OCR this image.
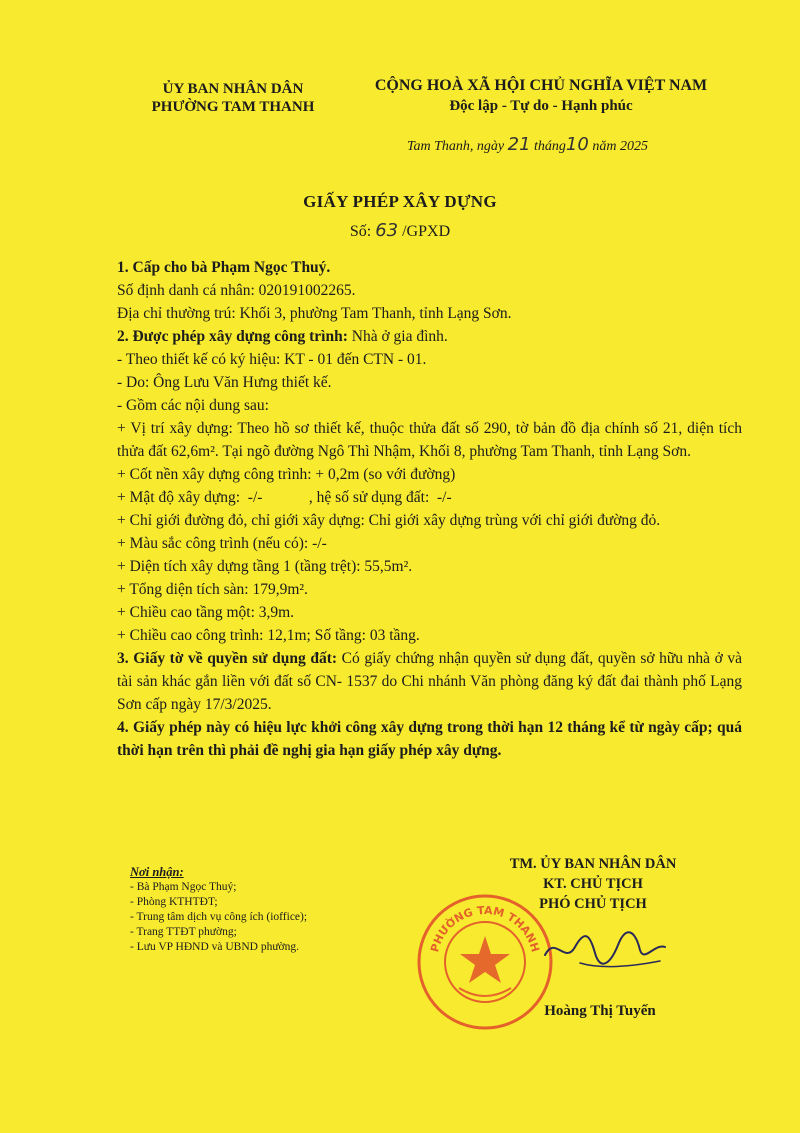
ỦY BAN NHÂN DÂN
PHƯỜNG TAM THANH
CỘNG HOÀ XÃ HỘI CHỦ NGHĨA VIỆT NAM
Độc lập - Tự do - Hạnh phúc
Tam Thanh, ngày 21 tháng10 năm 2025
GIẤY PHÉP XÂY DỰNG
Số: 63 /GPXD

1. Cấp cho bà Phạm Ngọc Thuý.

Số định danh cá nhân: 020191002265.

Địa chỉ thường trú: Khối 3, phường Tam Thanh, tỉnh Lạng Sơn.

2. Được phép xây dựng công trình: Nhà ở gia đình.

- Theo thiết kế có ký hiệu: KT - 01 đến CTN - 01.

- Do: Ông Lưu Văn Hưng thiết kế.

- Gồm các nội dung sau:

+ Vị trí xây dựng: Theo hồ sơ thiết kế, thuộc thửa đất số 290, tờ bản đồ địa chính số 21, diện tích thửa đất 62,6m². Tại ngõ đường Ngô Thì Nhậm, Khối 8, phường Tam Thanh, tỉnh Lạng Sơn.

+ Cốt nền xây dựng công trình: + 0,2m (so với đường)

+ Mật độ xây dựng:  -/-            , hệ số sử dụng đất:  -/-

+ Chỉ giới đường đỏ, chỉ giới xây dựng: Chỉ giới xây dựng trùng với chỉ giới đường đỏ.

+ Màu sắc công trình (nếu có): -/-

+ Diện tích xây dựng tầng 1 (tầng trệt): 55,5m².

+ Tổng diện tích sàn: 179,9m².

+ Chiều cao tầng một: 3,9m.

+ Chiều cao công trình: 12,1m; Số tầng: 03 tầng.

3. Giấy tờ về quyền sử dụng đất: Có giấy chứng nhận quyền sử dụng đất, quyền sở hữu nhà ở và tài sản khác gắn liền với đất số CN- 1537 do Chi nhánh Văn phòng đăng ký đất đai thành phố Lạng Sơn cấp ngày 17/3/2025.

4. Giấy phép này có hiệu lực khởi công xây dựng trong thời hạn 12 tháng kể từ ngày cấp; quá thời hạn trên thì phải đề nghị gia hạn giấy phép xây dựng.

Nơi nhận:
- Bà Phạm Ngọc Thuý;
- Phòng KTHTĐT;
- Trung tâm dịch vụ công ích (ioffice);
- Trang TTĐT phường;
- Lưu VP HĐND và UBND phường.	PHƯỜNG TAM THANH
TM. ỦY BAN NHÂN DÂN
KT. CHỦ TỊCH
PHÓ CHỦ TỊCH
Hoàng Thị Tuyến
